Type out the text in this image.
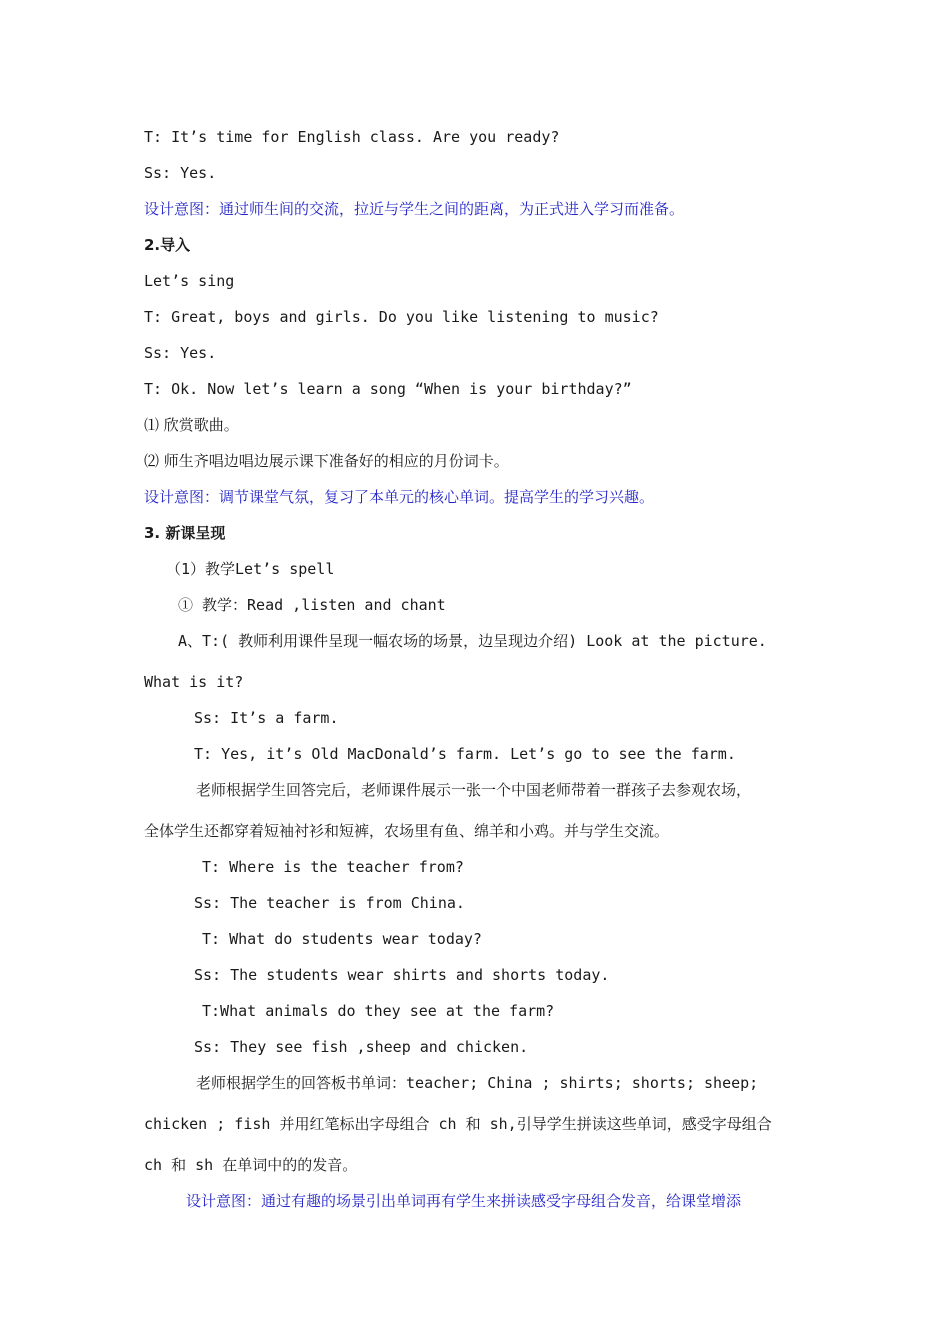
T: It’s time for English class. Are you ready?
Ss: Yes.
设计意图：通过师生间的交流，拉近与学生之间的距离，为正式进入学习而准备。
2.导入
Let’s sing
T: Great, boys and girls. Do you like listening to music?
Ss: Yes.
T: Ok. Now let’s learn a song “When is your birthday?”
⑴ 欣赏歌曲。
⑵ 师生齐唱边唱边展示课下准备好的相应的月份词卡。
设计意图：调节课堂气氛，复习了本单元的核心单词。提高学生的学习兴趣。
3. 新课呈现
（1）教学Let’s spell
① 教学：Read ,listen and chant
A、T:( 教师利用课件呈现一幅农场的场景，边呈现边介绍) Look at the picture.
What is it?
Ss: It’s a farm.
T: Yes, it’s Old MacDonald’s farm. Let’s go to see the farm.
老师根据学生回答完后，老师课件展示一张一个中国老师带着一群孩子去参观农场，
全体学生还都穿着短袖衬衫和短裤，农场里有鱼、绵羊和小鸡。并与学生交流。
T: Where is the teacher from?
Ss: The teacher is from China.
T: What do students wear today?
Ss: The students wear shirts and shorts today.
T:What animals do they see at the farm?
Ss: They see fish ,sheep and chicken.
老师根据学生的回答板书单词：teacher; China ; shirts; shorts; sheep;
chicken ; fish 并用红笔标出字母组合 ch 和 sh,引导学生拼读这些单词，感受字母组合
ch 和 sh 在单词中的的发音。
设计意图：通过有趣的场景引出单词再有学生来拼读感受字母组合发音，给课堂增添
